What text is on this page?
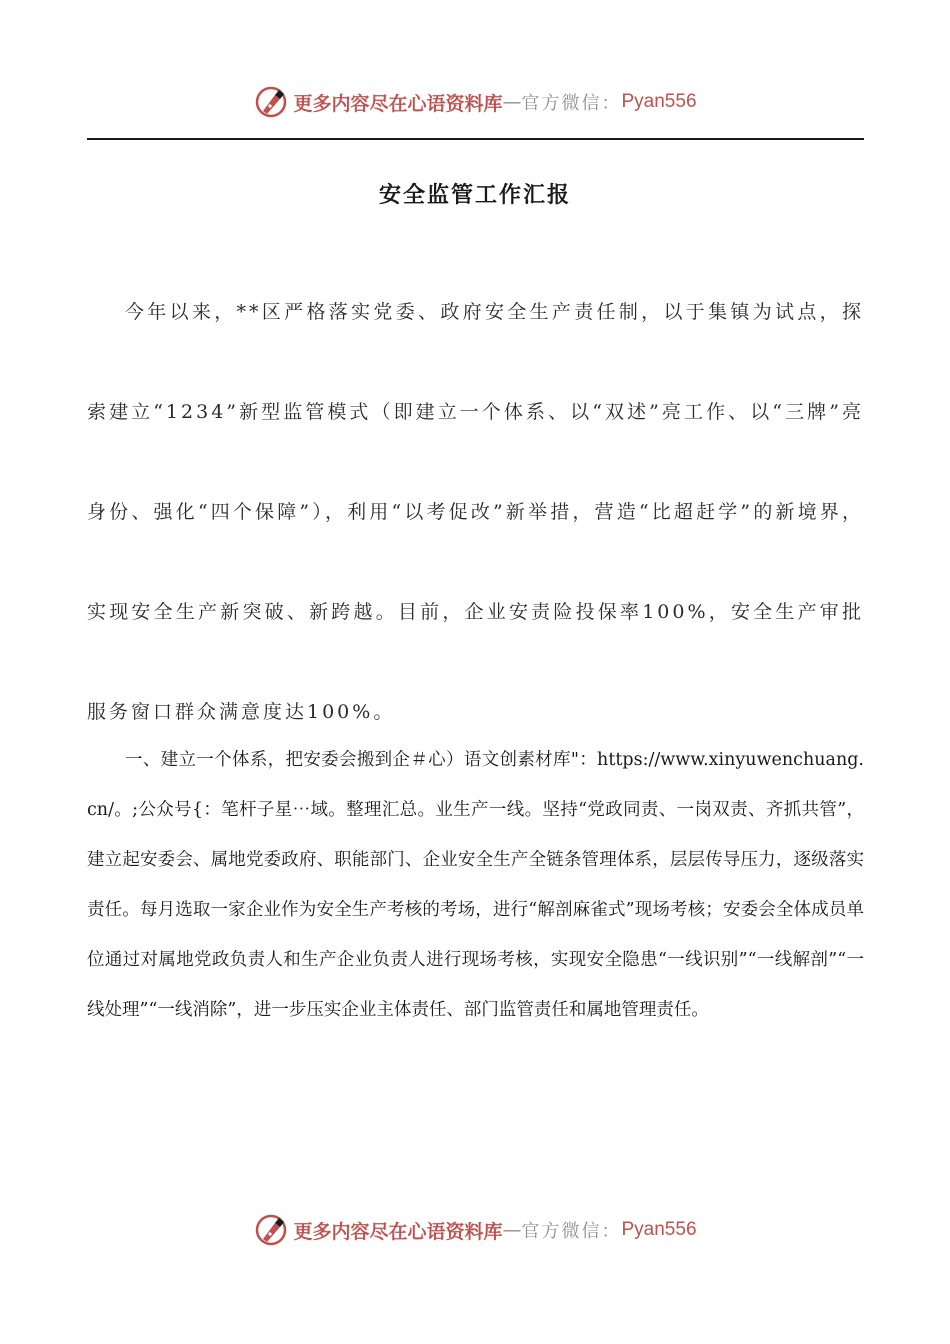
更多内容尽在心语资料库 — 官方微信： Pyan556
安全监管工作汇报
今年以来，**区严格落实党委、政府安全生产责任制，以于集镇为试点，探索建立“1234”新型监管模式（即建立一个体系、以“双述”亮工作、以“三牌”亮身份、强化“四个保障”），利用“以考促改”新举措，营造“比超赶学”的新境界，实现安全生产新突破、新跨越。目前，企业安责险投保率100%，安全生产审批服务窗口群众满意度达100%。
一、建立一个体系，把安委会搬到企＃心）语文创素材库"：https://www.xinyuwenchuang.cn/。;公众号{：笔杆子星⋯域。整理汇总。业生产一线。坚持“党政同责、一岗双责、齐抓共管”，建立起安委会、属地党委政府、职能部门、企业安全生产全链条管理体系，层层传导压力，逐级落实责任。每月选取一家企业作为安全生产考核的考场，进行“解剖麻雀式”现场考核；安委会全体成员单位通过对属地党政负责人和生产企业负责人进行现场考核，实现安全隐患“一线识别”“一线解剖”“一线处理”“一线消除”，进一步压实企业主体责任、部门监管责任和属地管理责任。
更多内容尽在心语资料库 — 官方微信： Pyan556
